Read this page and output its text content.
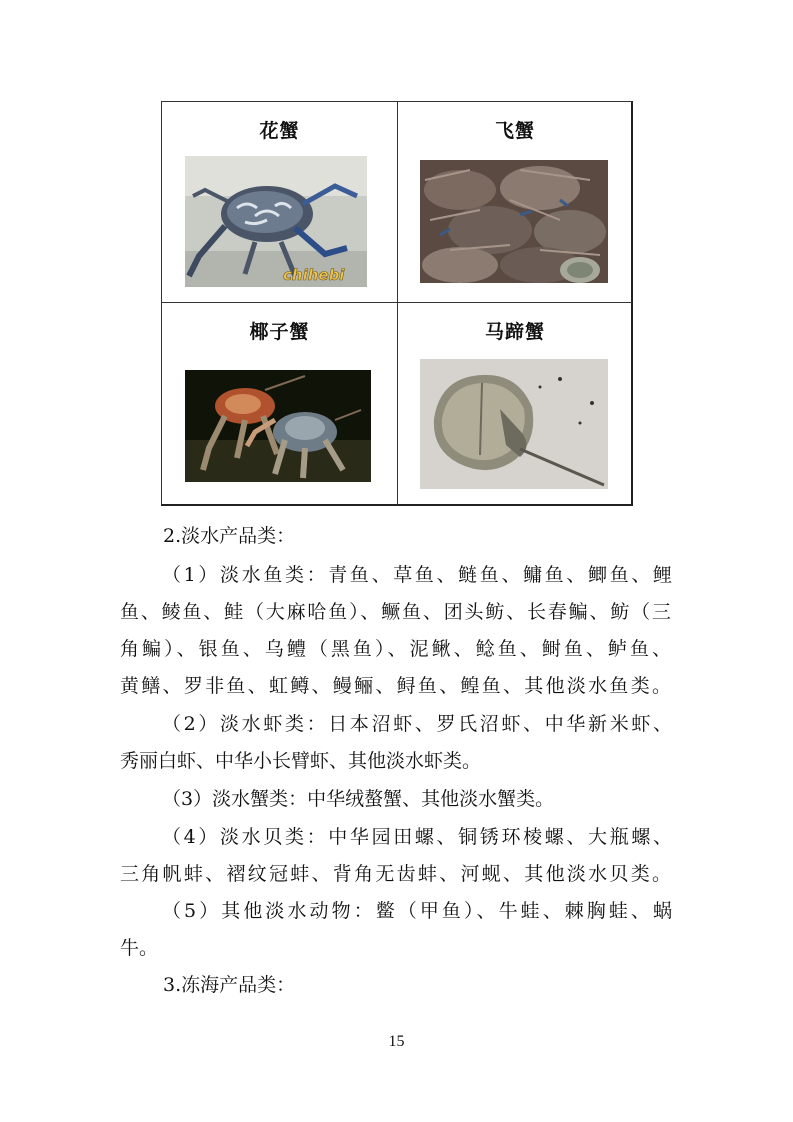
花蟹
chihebi
飞蟹
椰子蟹	马蹄蟹
2.淡水产品类：
（1）淡水鱼类：青鱼、草鱼、鲢鱼、鳙鱼、鲫鱼、鲤
鱼、鲮鱼、鲑（大麻哈鱼）、鳜鱼、团头鲂、长春鳊、鲂（三
角鳊）、银鱼、乌鳢（黑鱼）、泥鳅、鲶鱼、鲥鱼、鲈鱼、
黄鳝、罗非鱼、虹鳟、鳗鲡、鲟鱼、鳇鱼、其他淡水鱼类。
（2）淡水虾类：日本沼虾、罗氏沼虾、中华新米虾、
秀丽白虾、中华小长臂虾、其他淡水虾类。
（3）淡水蟹类：中华绒螯蟹、其他淡水蟹类。
（4）淡水贝类：中华园田螺、铜锈环棱螺、大瓶螺、
三角帆蚌、褶纹冠蚌、背角无齿蚌、河蚬、其他淡水贝类。
（5）其他淡水动物：鳖（甲鱼）、牛蛙、棘胸蛙、蜗
牛。
3.冻海产品类：
15
